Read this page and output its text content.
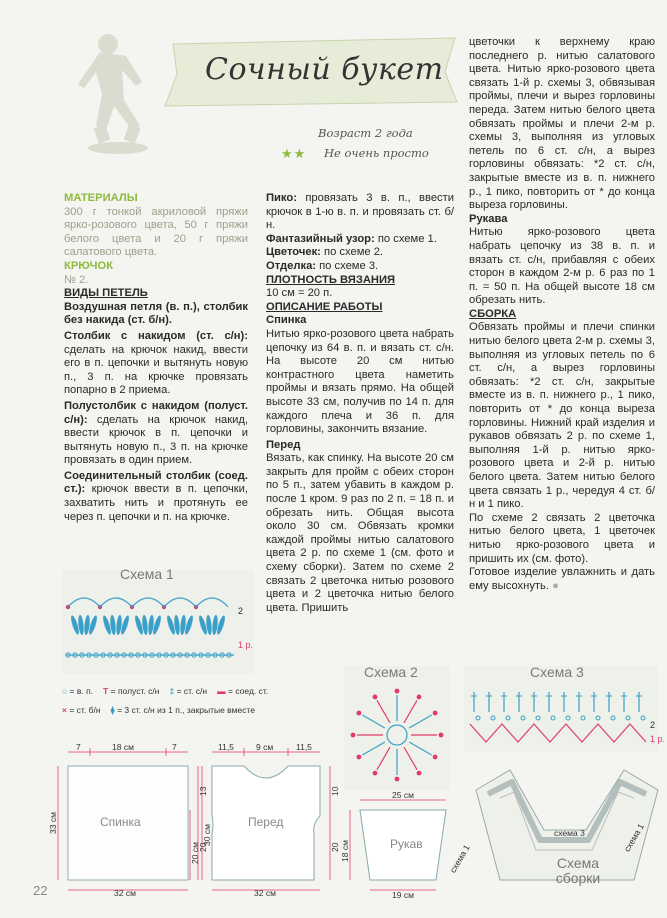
Сочный букет
Возраст 2 года
★★ Не очень просто

МАТЕРИАЛЫ

300 г тонкой акриловой пряжи ярко-розового цвета, 50 г пряжи белого цвета и 20 г пряжи салатового цвета.

КРЮЧОК

№ 2.

ВИДЫ ПЕТЕЛЬ

Воздушная петля (в. п.), столбик без накида (ст. б/н).

Столбик с накидом (ст. с/н): сделать на крючок накид, ввести его в п. цепочки и вытянуть новую п., 3 п. на крючке провязать попарно в 2 приема.

Полустолбик с накидом (полуст. с/н): сделать на крючок накид, ввести крючок в п. цепочки и вытянуть новую п., 3 п. на крючке провязать в один прием.

Соединительный столбик (соед. ст.): крючок ввести в п. цепочки, захватить нить и протянуть ее через п. цепочки и п. на крючке.

Пико: провязать 3 в. п., ввести крючок в 1-ю в. п. и провязать ст. б/н.

Фантазийный узор: по схеме 1.

Цветочек: по схеме 2.

Отделка: по схеме 3.

ПЛОТНОСТЬ ВЯЗАНИЯ

10 см = 20 п.

ОПИСАНИЕ РАБОТЫ

Спинка

Нитью ярко-розового цвета набрать цепочку из 64 в. п. и вязать ст. с/н. На высоте 20 см нитью контрастного цвета наметить проймы и вязать прямо. На общей высоте 33 см, получив по 14 п. для каждого плеча и 36 п. для горловины, закончить вязание.

Перед

Вязать, как спинку. На высоте 20 см закрыть для пройм с обеих сторон по 5 п., затем убавить в каждом р. после 1 кром. 9 раз по 2 п. = 18 п. и обрезать нить. Общая высота около 30 см. Обвязать кромки каждой проймы нитью салатового цвета 2 р. по схеме 1 (см. фото и схему сборки). Затем по схеме 2 связать 2 цветочка нитью розового цвета и 2 цветочка нитью белого цвета. Пришить

цветочки к верхнему краю последнего р. нитью салатового цвета. Нитью ярко-розового цвета связать 1-й р. схемы 3, обвязывая проймы, плечи и вырез горловины переда. Затем нитью белого цвета обвязать проймы и плечи 2-м р. схемы 3, выполняя из угловых петель по 6 ст. с/н, а вырез горловины обвязать: *2 ст. с/н, закрытые вместе из в. п. нижнего р., 1 пико, повторить от * до конца выреза горловины.

Рукава

Нитью ярко-розового цвета набрать цепочку из 38 в. п. и вязать ст. с/н, прибавляя с обеих сторон в каждом 2-м р. 6 раз по 1 п. = 50 п. На общей высоте 18 см обрезать нить.

СБОРКА

Обвязать проймы и плечи спинки нитью белого цвета 2-м р. схемы 3, выполняя из угловых петель по 6 ст. с/н, а вырез горловины обвязать: *2 ст. с/н, закрытые вместе из в. п. нижнего р., 1 пико, повторить от * до конца выреза горловины. Нижний край изделия и рукавов обвязать 2 р. по схеме 1, выполняя 1-й р. нитью ярко-розового цвета и 2-й р. нитью белого цвета. Затем нитью белого цвета связать 1 р., чередуя 4 ст. б/н и 1 пико.

По схеме 2 связать 2 цветочка нитью белого цвета, 1 цветочек нитью ярко-розового цвета и пришить их (см. фото).

Готовое изделие увлажнить и дать ему высохнуть. ●

Схема 1
2
1 р.
○ = в. п. T = полуст. с/н ‡ = ст. с/н ▬ = соед. ст.
× = ст. б/н ⧫ = 3 ст. с/н из 1 п., закрытые вместе
Схема 2	Схема 3
2
1 р.
7	18 см	7
33 см
13
20
Спинка
32 см
11,5	9 см	11,5
30 см
20 см
10
20
Перед
32 см
25 см
18 см	Рукав
19 см
схема 1
схема 3	схема 1
Схема сборки
22
